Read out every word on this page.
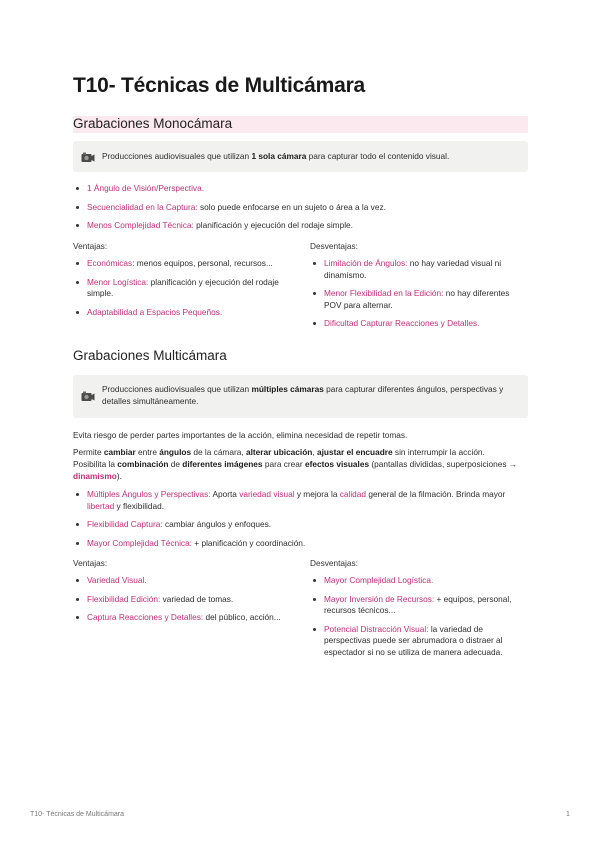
T10- Técnicas de Multicámara
Grabaciones Monocámara
Producciones audiovisuales que utilizan 1 sola cámara para capturar todo el contenido visual.
1 Ángulo de Visión/Perspectiva.
Secuencialidad en la Captura: solo puede enfocarse en un sujeto o área a la vez.
Menos Complejidad Técnica: planificación y ejecución del rodaje simple.
Ventajas:
Económicas: menos equipos, personal, recursos...
Menor Logística: planificación y ejecución del rodaje simple.
Adaptabilidad a Espacios Pequeños.
Desventajas:
Limitación de Ángulos: no hay variedad visual ni dinamismo.
Menor Flexibilidad en la Edición: no hay diferentes POV para alternar.
Dificultad Capturar Reacciones y Detalles.
Grabaciones Multicámara
Producciones audiovisuales que utilizan múltiples cámaras para capturar diferentes ángulos, perspectivas y detalles simultáneamente.
Evita riesgo de perder partes importantes de la acción, elimina necesidad de repetir tomas.
Permite cambiar entre ángulos de la cámara, alterar ubicación, ajustar el encuadre sin interrumpir la acción.
Posibilita la combinación de diferentes imágenes para crear efectos visuales (pantallas divididas, superposiciones → dinamismo).
Múltiples Ángulos y Perspectivas: Aporta variedad visual y mejora la calidad general de la filmación. Brinda mayor libertad y flexibilidad.
Flexibilidad Captura: cambiar ángulos y enfoques.
Mayor Complejidad Técnica: + planificación y coordinación.
Ventajas:
Variedad Visual.
Flexibilidad Edición: variedad de tomas.
Captura Reacciones y Detalles: del público, acción...
Desventajas:
Mayor Complejidad Logística.
Mayor Inversión de Recursos: + equipos, personal, recursos técnicos...
Potencial Distracción Visual: la variedad de perspectivas puede ser abrumadora o distraer al espectador si no se utiliza de manera adecuada.
T10- Técnicas de Multicámara	1
